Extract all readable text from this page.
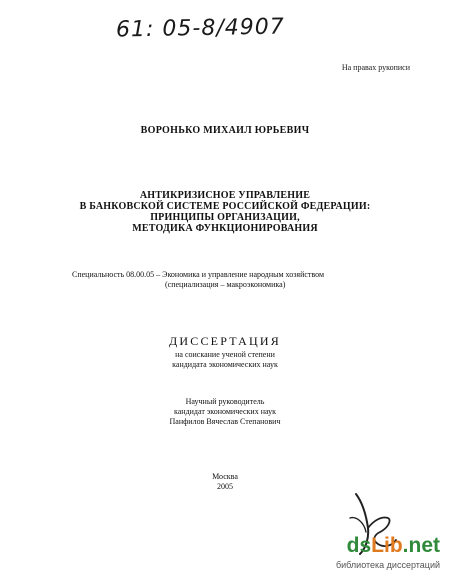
61: 05-8/4907
На правах рукописи
ВОРОНЬКО МИХАИЛ ЮРЬЕВИЧ
АНТИКРИЗИСНОЕ УПРАВЛЕНИЕ
В БАНКОВСКОЙ СИСТЕМЕ РОССИЙСКОЙ ФЕДЕРАЦИИ:
ПРИНЦИПЫ ОРГАНИЗАЦИИ,
МЕТОДИКА ФУНКЦИОНИРОВАНИЯ
Специальность 08.00.05 – Экономика и управление народным хозяйством
(специализация – макроэкономика)
ДИССЕРТАЦИЯ
на соискание ученой степени
кандидата экономических наук
Научный руководитель
кандидат экономических наук
Панфилов Вячеслав Степанович
Москва
2005
dsLib.net
библиотека диссертаций
